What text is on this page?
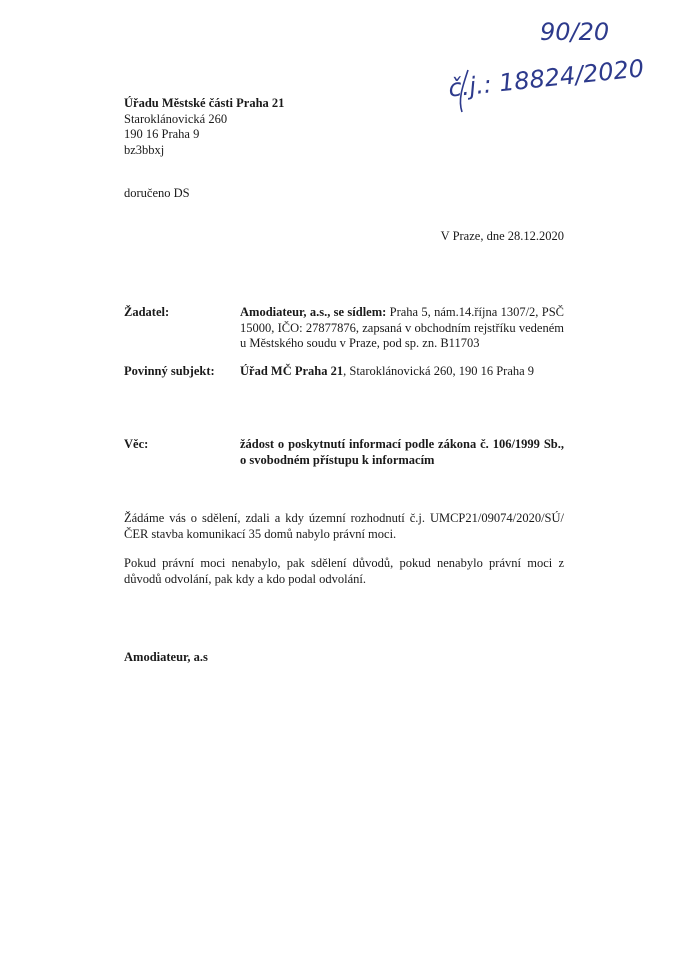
90/20
č.j.: 18824/2020
Úřadu Městské části Praha 21
Staroklánovická 260
190 16 Praha 9
bz3bbxj
doručeno DS
V Praze, dne 28.12.2020
Žadatel:	Amodiateur, a.s., se sídlem: Praha 5, nám.14.října 1307/2, PSČ 15000, IČO: 27877876, zapsaná v obchodním rejstříku vedeném u Městského soudu v Praze, pod sp. zn. B11703
Povinný subjekt: Úřad MČ Praha 21, Staroklánovická 260, 190 16 Praha 9
Věc:	žádost o poskytnutí informací podle zákona č. 106/1999 Sb., o svobodném přístupu k informacím
Žádáme vás o sdělení, zdali a kdy územní rozhodnutí č.j. UMCP21/09074/2020/SÚ/ČER stavba komunikací 35 domů nabylo právní moci.
Pokud právní moci nenabylo, pak sdělení důvodů, pokud nenabylo právní moci z důvodů odvolání, pak kdy a kdo podal odvolání.
Amodiateur, a.s
